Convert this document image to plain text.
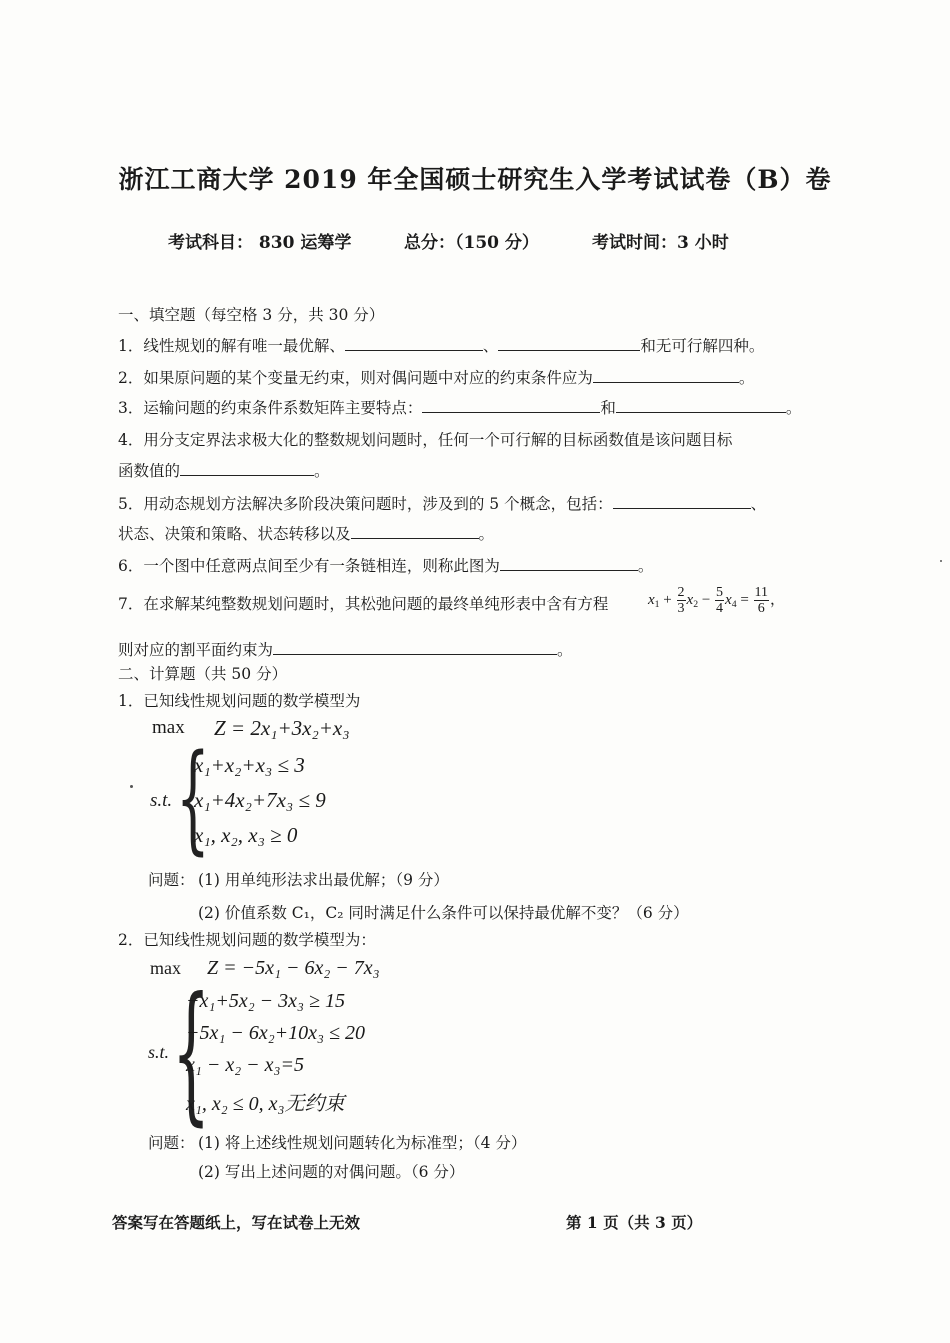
浙江工商大学 2019 年全国硕士研究生入学考试试卷（B）卷
考试科目： 830 运筹学	总分：（150 分）	考试时间：3 小时
一、填空题（每空格 3 分，共 30 分）
1．线性规划的解有唯一最优解、	、	和无可行解四种。
2．如果原问题的某个变量无约束，则对偶问题中对应的约束条件应为	。
3．运输问题的约束条件系数矩阵主要特点：	和	。
4．用分支定界法求极大化的整数规划问题时，任何一个可行解的目标函数值是该问题目标
函数值的	。
5．用动态规划方法解决多阶段决策问题时，涉及到的 5 个概念，包括：	、
状态、决策和策略、状态转移以及	。
6．一个图中任意两点间至少有一条链相连，则称此图为	。
7．在求解某纯整数规划问题时，其松弛问题的最终单纯形表中含有方程	$x_1 + \frac{2}{3} x_2 - \frac{5}{4} x_4 = \frac{11}{6}$ ，
则对应的割平面约束为	。
二、计算题（共 50 分）
1．已知线性规划问题的数学模型为
max Z = 2x₁+3x₂+x₃
s.t. {
x₁+x₂+x₃ ≤ 3
x₁+4x₂+7x₃ ≤ 9
x₁, x₂, x₃ ≥ 0
问题： (1) 用单纯形法求出最优解；（9 分）
(2) 价值系数 C₁，C₂ 同时满足什么条件可以保持最优解不变？（6 分）
2．已知线性规划问题的数学模型为：
max Z = −5x₁ − 6x₂ − 7x₃
s.t. {
−x₁+5x₂ − 3x₃ ≥ 15
−5x₁ − 6x₂+10x₃ ≤ 20
x₁ − x₂ − x₃=5
x₁, x₂ ≤ 0, x₃无约束
问题： (1) 将上述线性规划问题转化为标准型；（4 分）
(2) 写出上述问题的对偶问题。（6 分）
答案写在答题纸上，写在试卷上无效	第 1 页（共 3 页）
